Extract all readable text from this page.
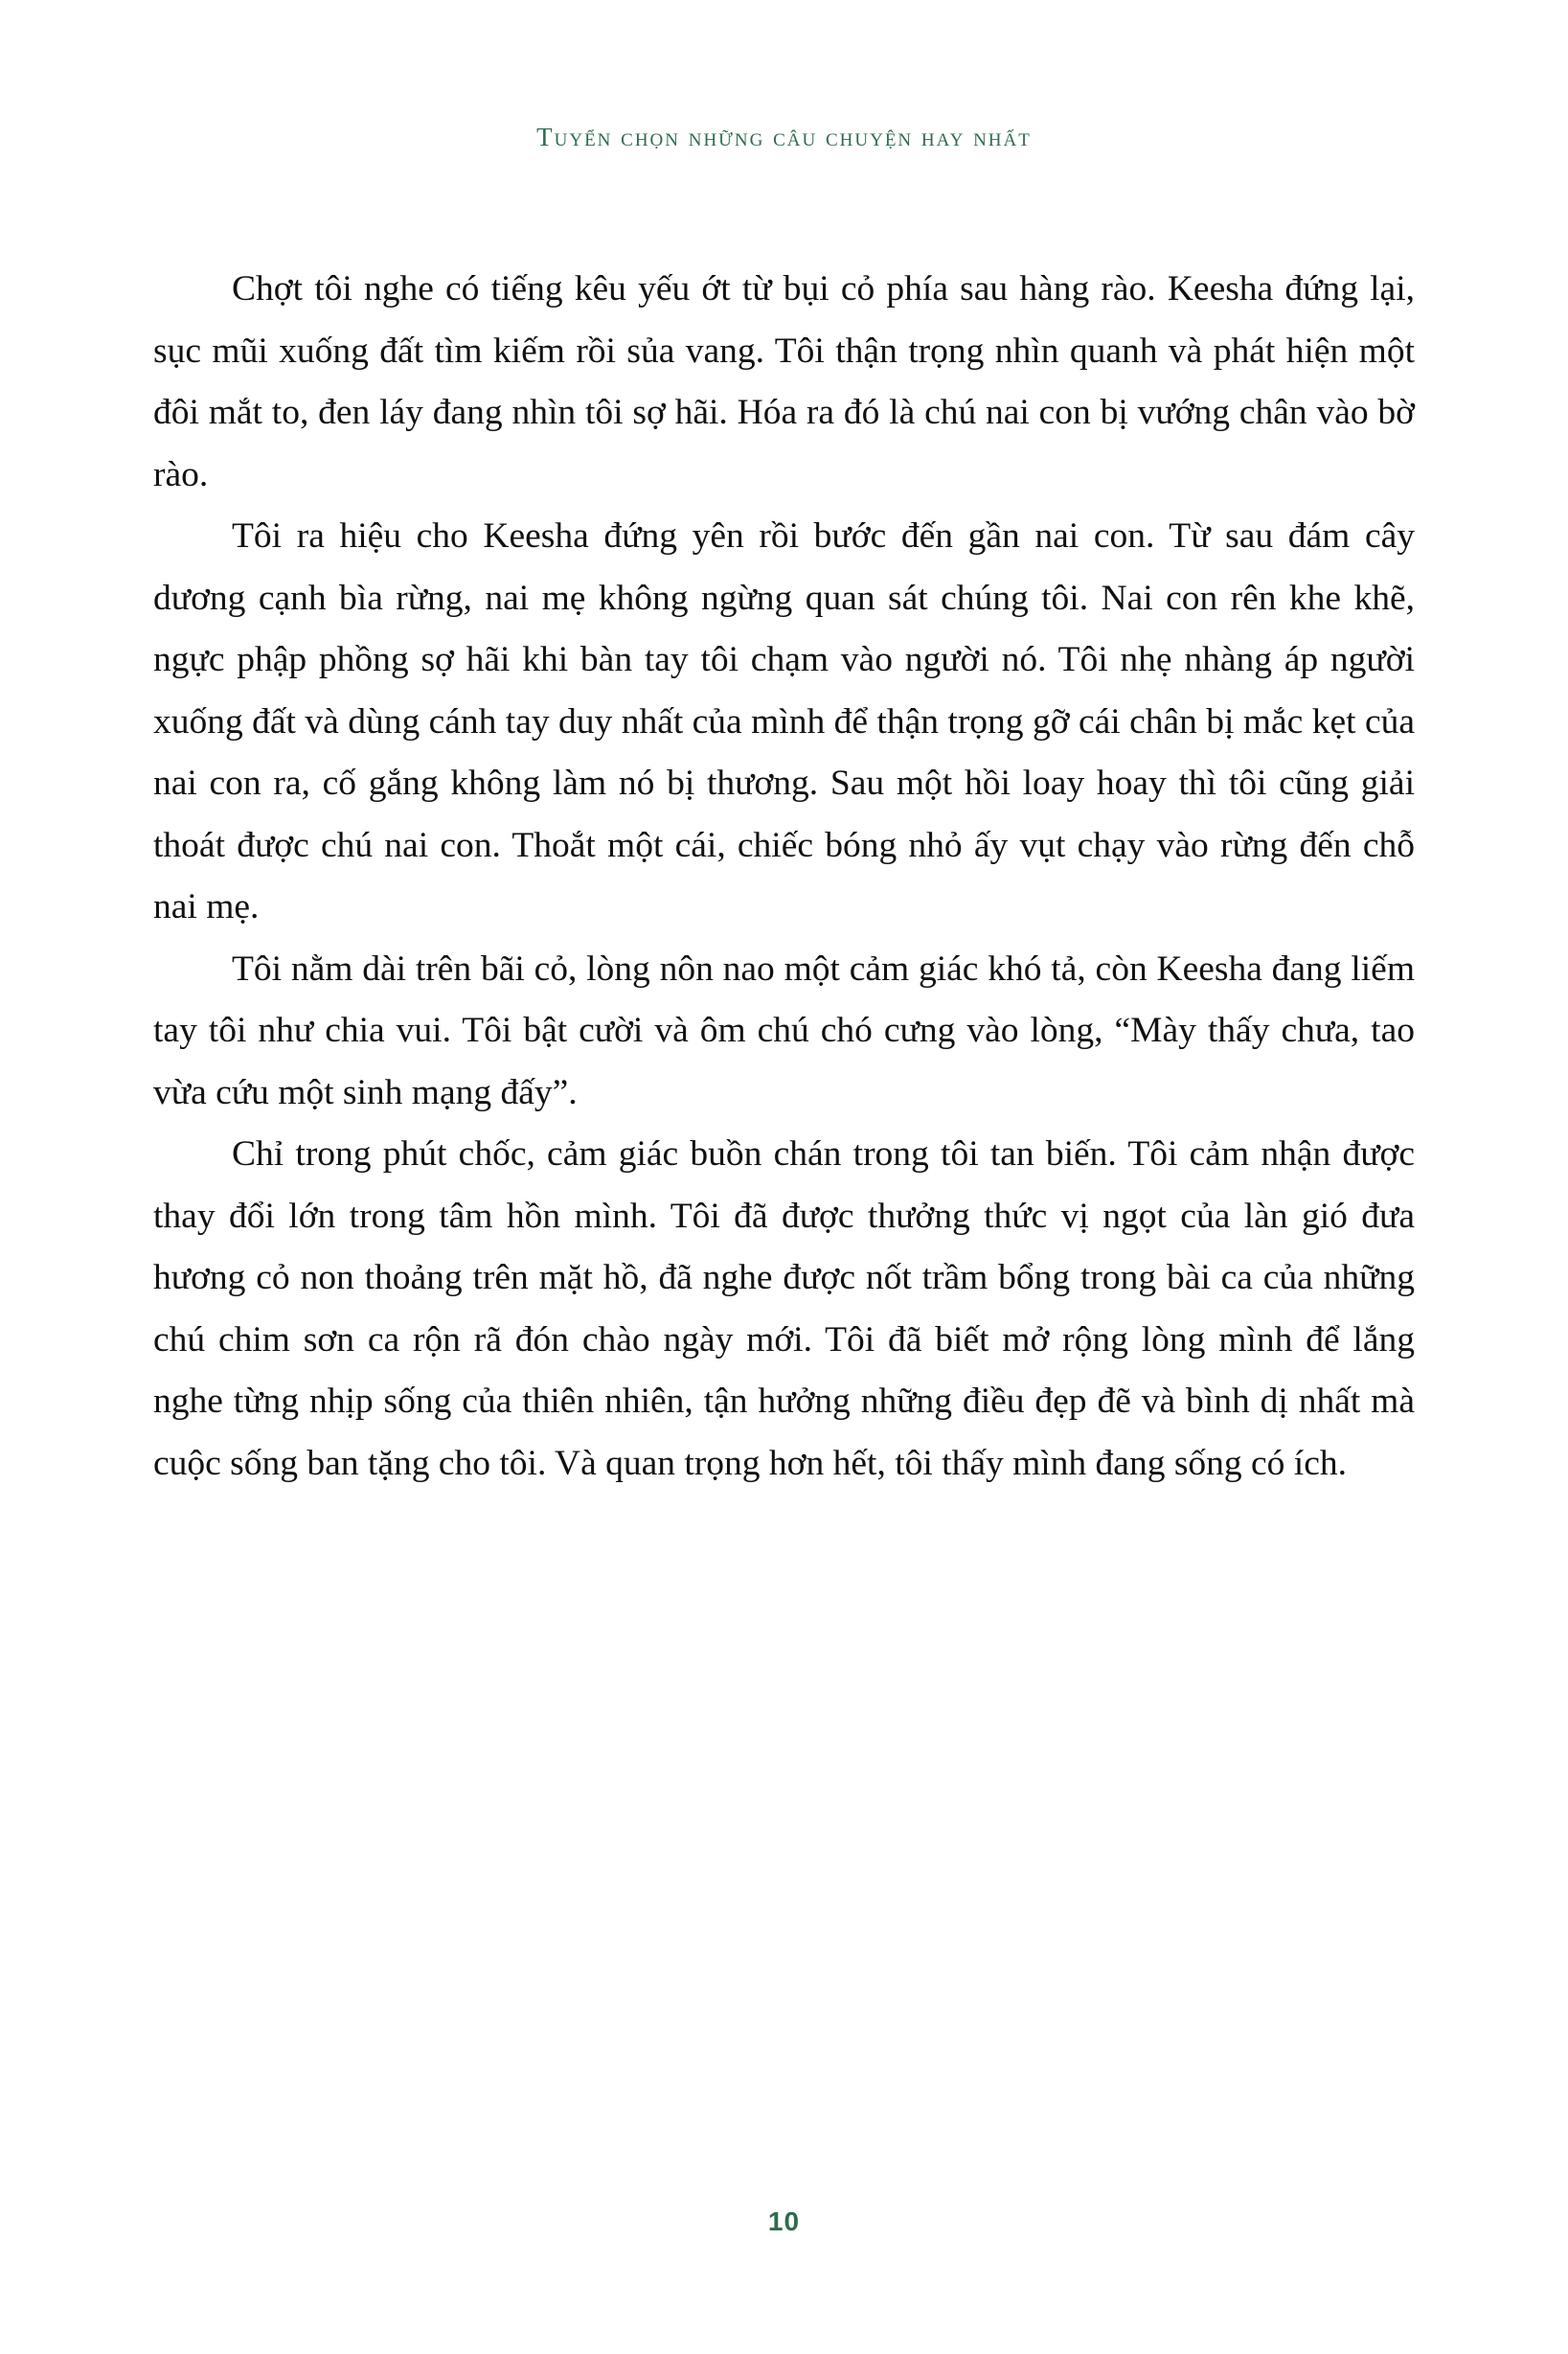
Tuyển chọn những câu chuyện hay nhất

Chợt tôi nghe có tiếng kêu yếu ớt từ bụi cỏ phía sau hàng rào. Keesha đứng lại, sục mũi xuống đất tìm kiếm rồi sủa vang. Tôi thận trọng nhìn quanh và phát hiện một đôi mắt to, đen láy đang nhìn tôi sợ hãi. Hóa ra đó là chú nai con bị vướng chân vào bờ rào.

Tôi ra hiệu cho Keesha đứng yên rồi bước đến gần nai con. Từ sau đám cây dương cạnh bìa rừng, nai mẹ không ngừng quan sát chúng tôi. Nai con rên khe khẽ, ngực phập phồng sợ hãi khi bàn tay tôi chạm vào người nó. Tôi nhẹ nhàng áp người xuống đất và dùng cánh tay duy nhất của mình để thận trọng gỡ cái chân bị mắc kẹt của nai con ra, cố gắng không làm nó bị thương. Sau một hồi loay hoay thì tôi cũng giải thoát được chú nai con. Thoắt một cái, chiếc bóng nhỏ ấy vụt chạy vào rừng đến chỗ nai mẹ.

Tôi nằm dài trên bãi cỏ, lòng nôn nao một cảm giác khó tả, còn Keesha đang liếm tay tôi như chia vui. Tôi bật cười và ôm chú chó cưng vào lòng, “Mày thấy chưa, tao vừa cứu một sinh mạng đấy”.

Chỉ trong phút chốc, cảm giác buồn chán trong tôi tan biến. Tôi cảm nhận được thay đổi lớn trong tâm hồn mình. Tôi đã được thưởng thức vị ngọt của làn gió đưa hương cỏ non thoảng trên mặt hồ, đã nghe được nốt trầm bổng trong bài ca của những chú chim sơn ca rộn rã đón chào ngày mới. Tôi đã biết mở rộng lòng mình để lắng nghe từng nhịp sống của thiên nhiên, tận hưởng những điều đẹp đẽ và bình dị nhất mà cuộc sống ban tặng cho tôi. Và quan trọng hơn hết, tôi thấy mình đang sống có ích.

10
